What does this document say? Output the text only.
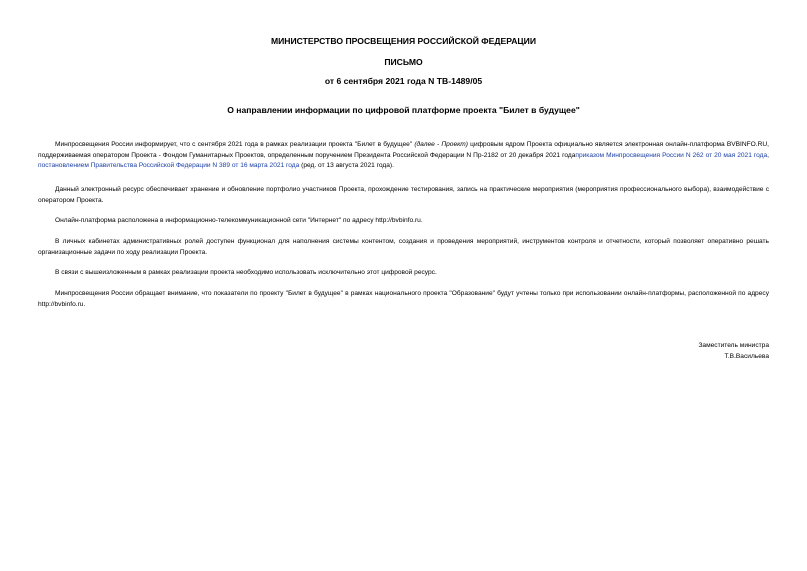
МИНИСТЕРСТВО ПРОСВЕЩЕНИЯ РОССИЙСКОЙ ФЕДЕРАЦИИ
ПИСЬМО
от 6 сентября 2021 года N ТВ-1489/05
О направлении информации по цифровой платформе проекта "Билет в будущее"

Минпросвещения России информирует, что с сентября 2021 года в рамках реализации проекта "Билет в будущее" (далее - Проект) цифровым ядром Проекта официально является электронная онлайн-платформа BVBINFO.RU, поддерживаемая оператором Проекта - Фондом Гуманитарных Проектов, определенным поручением Президента Российской Федерации N Пр-2182 от 20 декабря 2021 годаприказом Минпросвещения России N 262 от 20 мая 2021 года, постановлением Правительства Российской Федерации N 389 от 16 марта 2021 года (ред. от 13 августа 2021 года).

Данный электронный ресурс обеспечивает хранение и обновление портфолио участников Проекта, прохождение тестирования, запись на практические мероприятия (мероприятия профессионального выбора), взаимодействие с оператором Проекта.

Онлайн-платформа расположена в информационно-телекоммуникационной сети "Интернет" по адресу http://bvbinfo.ru.

В личных кабинетах административных ролей доступен функционал для наполнения системы контентом, создания и проведения мероприятий, инструментов контроля и отчетности, который позволяет оперативно решать организационные задачи по ходу реализации Проекта.

В связи с вышеизложенным в рамках реализации проекта необходимо использовать исключительно этот цифровой ресурс.

Минпросвещения России обращает внимание, что показатели по проекту "Билет в будущее" в рамках национального проекта "Образование" будут учтены только при использовании онлайн-платформы, расположенной по адресу http://bvbinfo.ru.

Заместитель министра
Т.В.Васильева
